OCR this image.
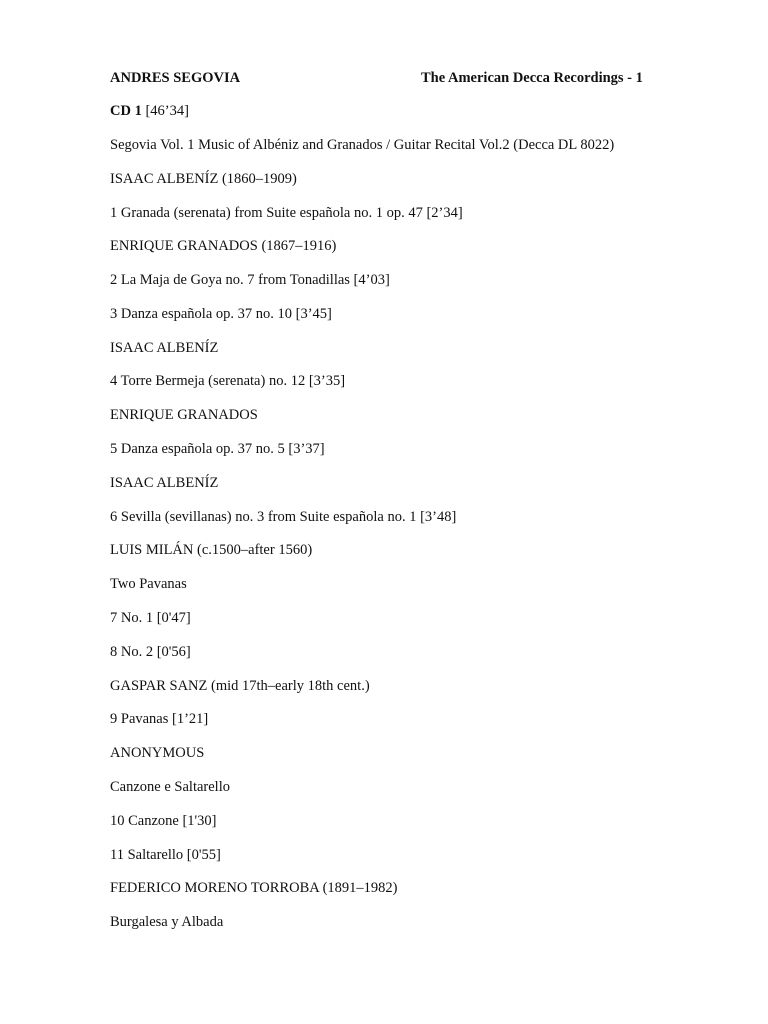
ANDRES SEGOVIA	The American Decca Recordings - 1
CD 1 [46’34]
Segovia Vol. 1 Music of Albéniz and Granados / Guitar Recital Vol.2 (Decca DL 8022)
ISAAC ALBENÍZ (1860–1909)
1 Granada (serenata) from Suite española no. 1 op. 47 [2’34]
ENRIQUE GRANADOS (1867–1916)
2 La Maja de Goya no. 7 from Tonadillas [4’03]
3 Danza española op. 37 no. 10 [3’45]
ISAAC ALBENÍZ
4 Torre Bermeja (serenata) no. 12 [3’35]
ENRIQUE GRANADOS
5 Danza española op. 37 no. 5 [3’37]
ISAAC ALBENÍZ
6 Sevilla (sevillanas) no. 3 from Suite española no. 1 [3’48]
LUIS MILÁN (c.1500–after 1560)
Two Pavanas
7 No. 1 [0'47]
8 No. 2 [0'56]
GASPAR SANZ (mid 17th–early 18th cent.)
9 Pavanas [1’21]
ANONYMOUS
Canzone e Saltarello
10 Canzone [1'30]
11 Saltarello [0'55]
FEDERICO MORENO TORROBA (1891–1982)
Burgalesa y Albada
